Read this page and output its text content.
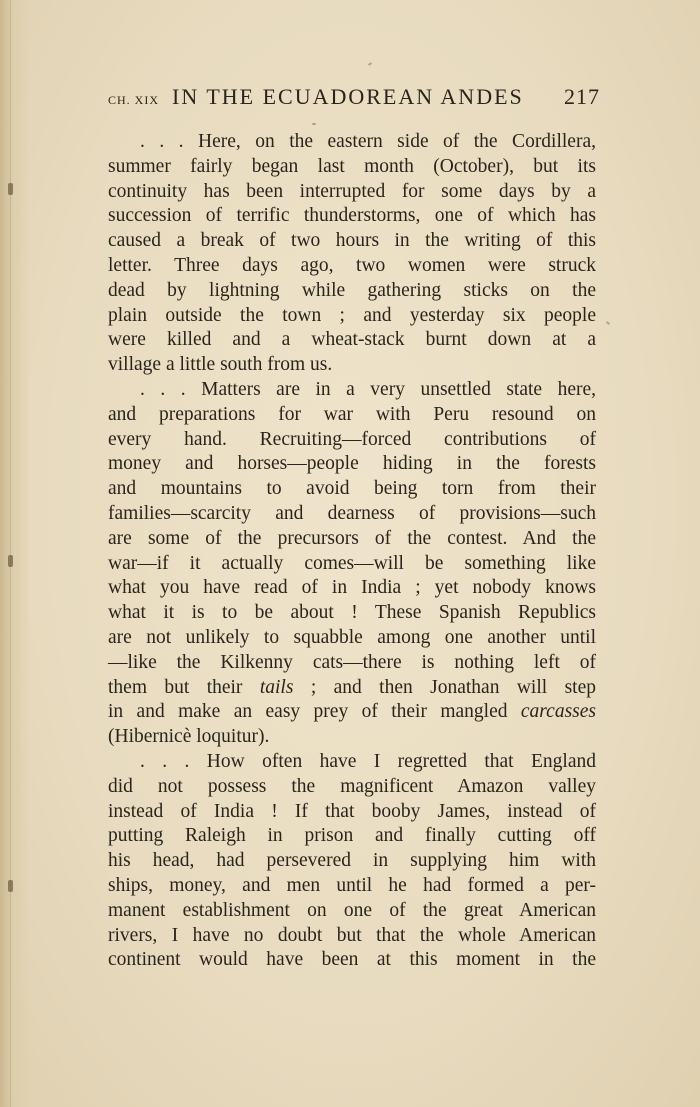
CH. XIX IN THE ECUADOREAN ANDES 217

. . . Here, on the eastern side of the Cordillera,
summer fairly began last month (October), but its
continuity has been interrupted for some days by a
succession of terrific thunderstorms, one of which has
caused a break of two hours in the writing of this
letter. Three days ago, two women were struck
dead by lightning while gathering sticks on the
plain outside the town ; and yesterday six people
were killed and a wheat-stack burnt down at a
village a little south from us.

. . . Matters are in a very unsettled state here,
and preparations for war with Peru resound on
every hand. Recruiting—forced contributions of
money and horses—people hiding in the forests
and mountains to avoid being torn from their
families—scarcity and dearness of provisions—such
are some of the precursors of the contest. And the
war—if it actually comes—will be something like
what you have read of in India ; yet nobody knows
what it is to be about ! These Spanish Republics
are not unlikely to squabble among one another until
—like the Kilkenny cats—there is nothing left of
them but their tails ; and then Jonathan will step
in and make an easy prey of their mangled carcasses
(Hibernicè loquitur).

. . . How often have I regretted that England
did not possess the magnificent Amazon valley
instead of India ! If that booby James, instead of
putting Raleigh in prison and finally cutting off
his head, had persevered in supplying him with
ships, money, and men until he had formed a per-
manent establishment on one of the great American
rivers, I have no doubt but that the whole American
continent would have been at this moment in the
